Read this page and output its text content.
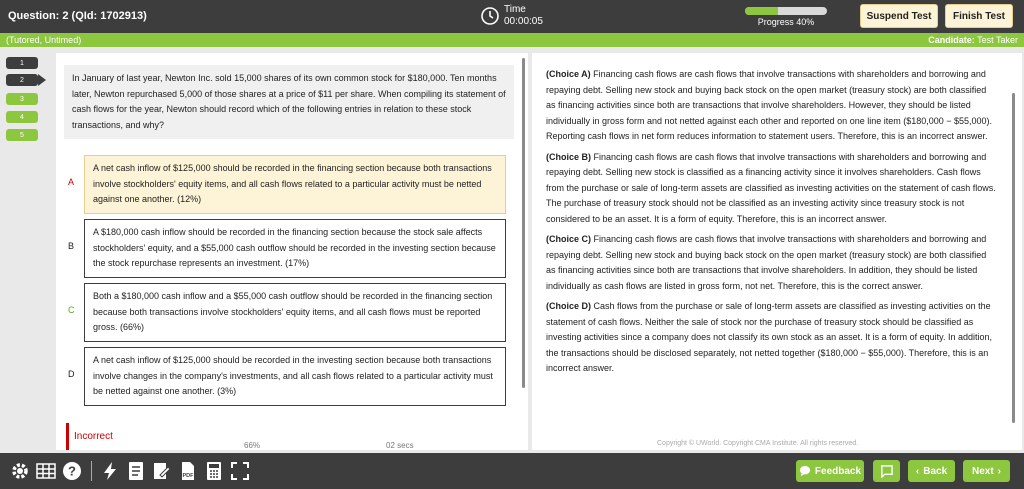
Question: 2 (QId: 1702913)
Time
00:00:05	Progress 40%
Suspend Test	Finish Test
(Tutored, Untimed)	Candidate: Test Taker
1
2
3
4
5
In January of last year, Newton Inc. sold 15,000 shares of its own common stock for $180,000. Ten months later, Newton repurchased 5,000 of those shares at a price of $11 per share. When compiling its statement of cash flows for the year, Newton should record which of the following entries in relation to these stock transactions, and why?
A
A net cash inflow of $125,000 should be recorded in the financing section because both transactions involve stockholders' equity items, and all cash flows related to a particular activity must be netted against one another. (12%)
B
A $180,000 cash inflow should be recorded in the financing section because the stock sale affects stockholders' equity, and a $55,000 cash outflow should be recorded in the investing section because the stock repurchase represents an investment. (17%)
C
Both a $180,000 cash inflow and a $55,000 cash outflow should be recorded in the financing section because both transactions involve stockholders' equity items, and all cash flows must be reported gross. (66%)
D
A net cash inflow of $125,000 should be recorded in the investing section because both transactions involve changes in the company's investments, and all cash flows related to a particular activity must be netted against one another. (3%)
Incorrect
66%	02 secs

(Choice A) Financing cash flows are cash flows that involve transactions with shareholders and borrowing and repaying debt. Selling new stock and buying back stock on the open market (treasury stock) are both classified as financing activities since both are transactions that involve shareholders. However, they should be listed individually in gross form and not netted against each other and reported on one line item ($180,000 − $55,000). Reporting cash flows in net form reduces information to statement users. Therefore, this is an incorrect answer.

(Choice B) Financing cash flows are cash flows that involve transactions with shareholders and borrowing and repaying debt. Selling new stock is classified as a financing activity since it involves shareholders. Cash flows from the purchase or sale of long-term assets are classified as investing activities on the statement of cash flows. The purchase of treasury stock should not be classified as an investing activity since treasury stock is not considered to be an asset. It is a form of equity. Therefore, this is an incorrect answer.

(Choice C) Financing cash flows are cash flows that involve transactions with shareholders and borrowing and repaying debt. Selling new stock and buying back stock on the open market (treasury stock) are both classified as financing activities since both are transactions that involve shareholders. In addition, they should be listed individually as cash flows are listed in gross form, not net. Therefore, this is the correct answer.

(Choice D) Cash flows from the purchase or sale of long-term assets are classified as investing activities on the statement of cash flows. Neither the sale of stock nor the purchase of treasury stock should be classified as investing activities since a company does not classify its own stock as an asset. It is a form of equity. In addition, the transactions should be disclosed separately, not netted together ($180,000 − $55,000). Therefore, this is an incorrect answer.

Copyright © UWorld. Copyright CMA Institute. All rights reserved.
?	PDF	Feedback	‹ Back Next ›
